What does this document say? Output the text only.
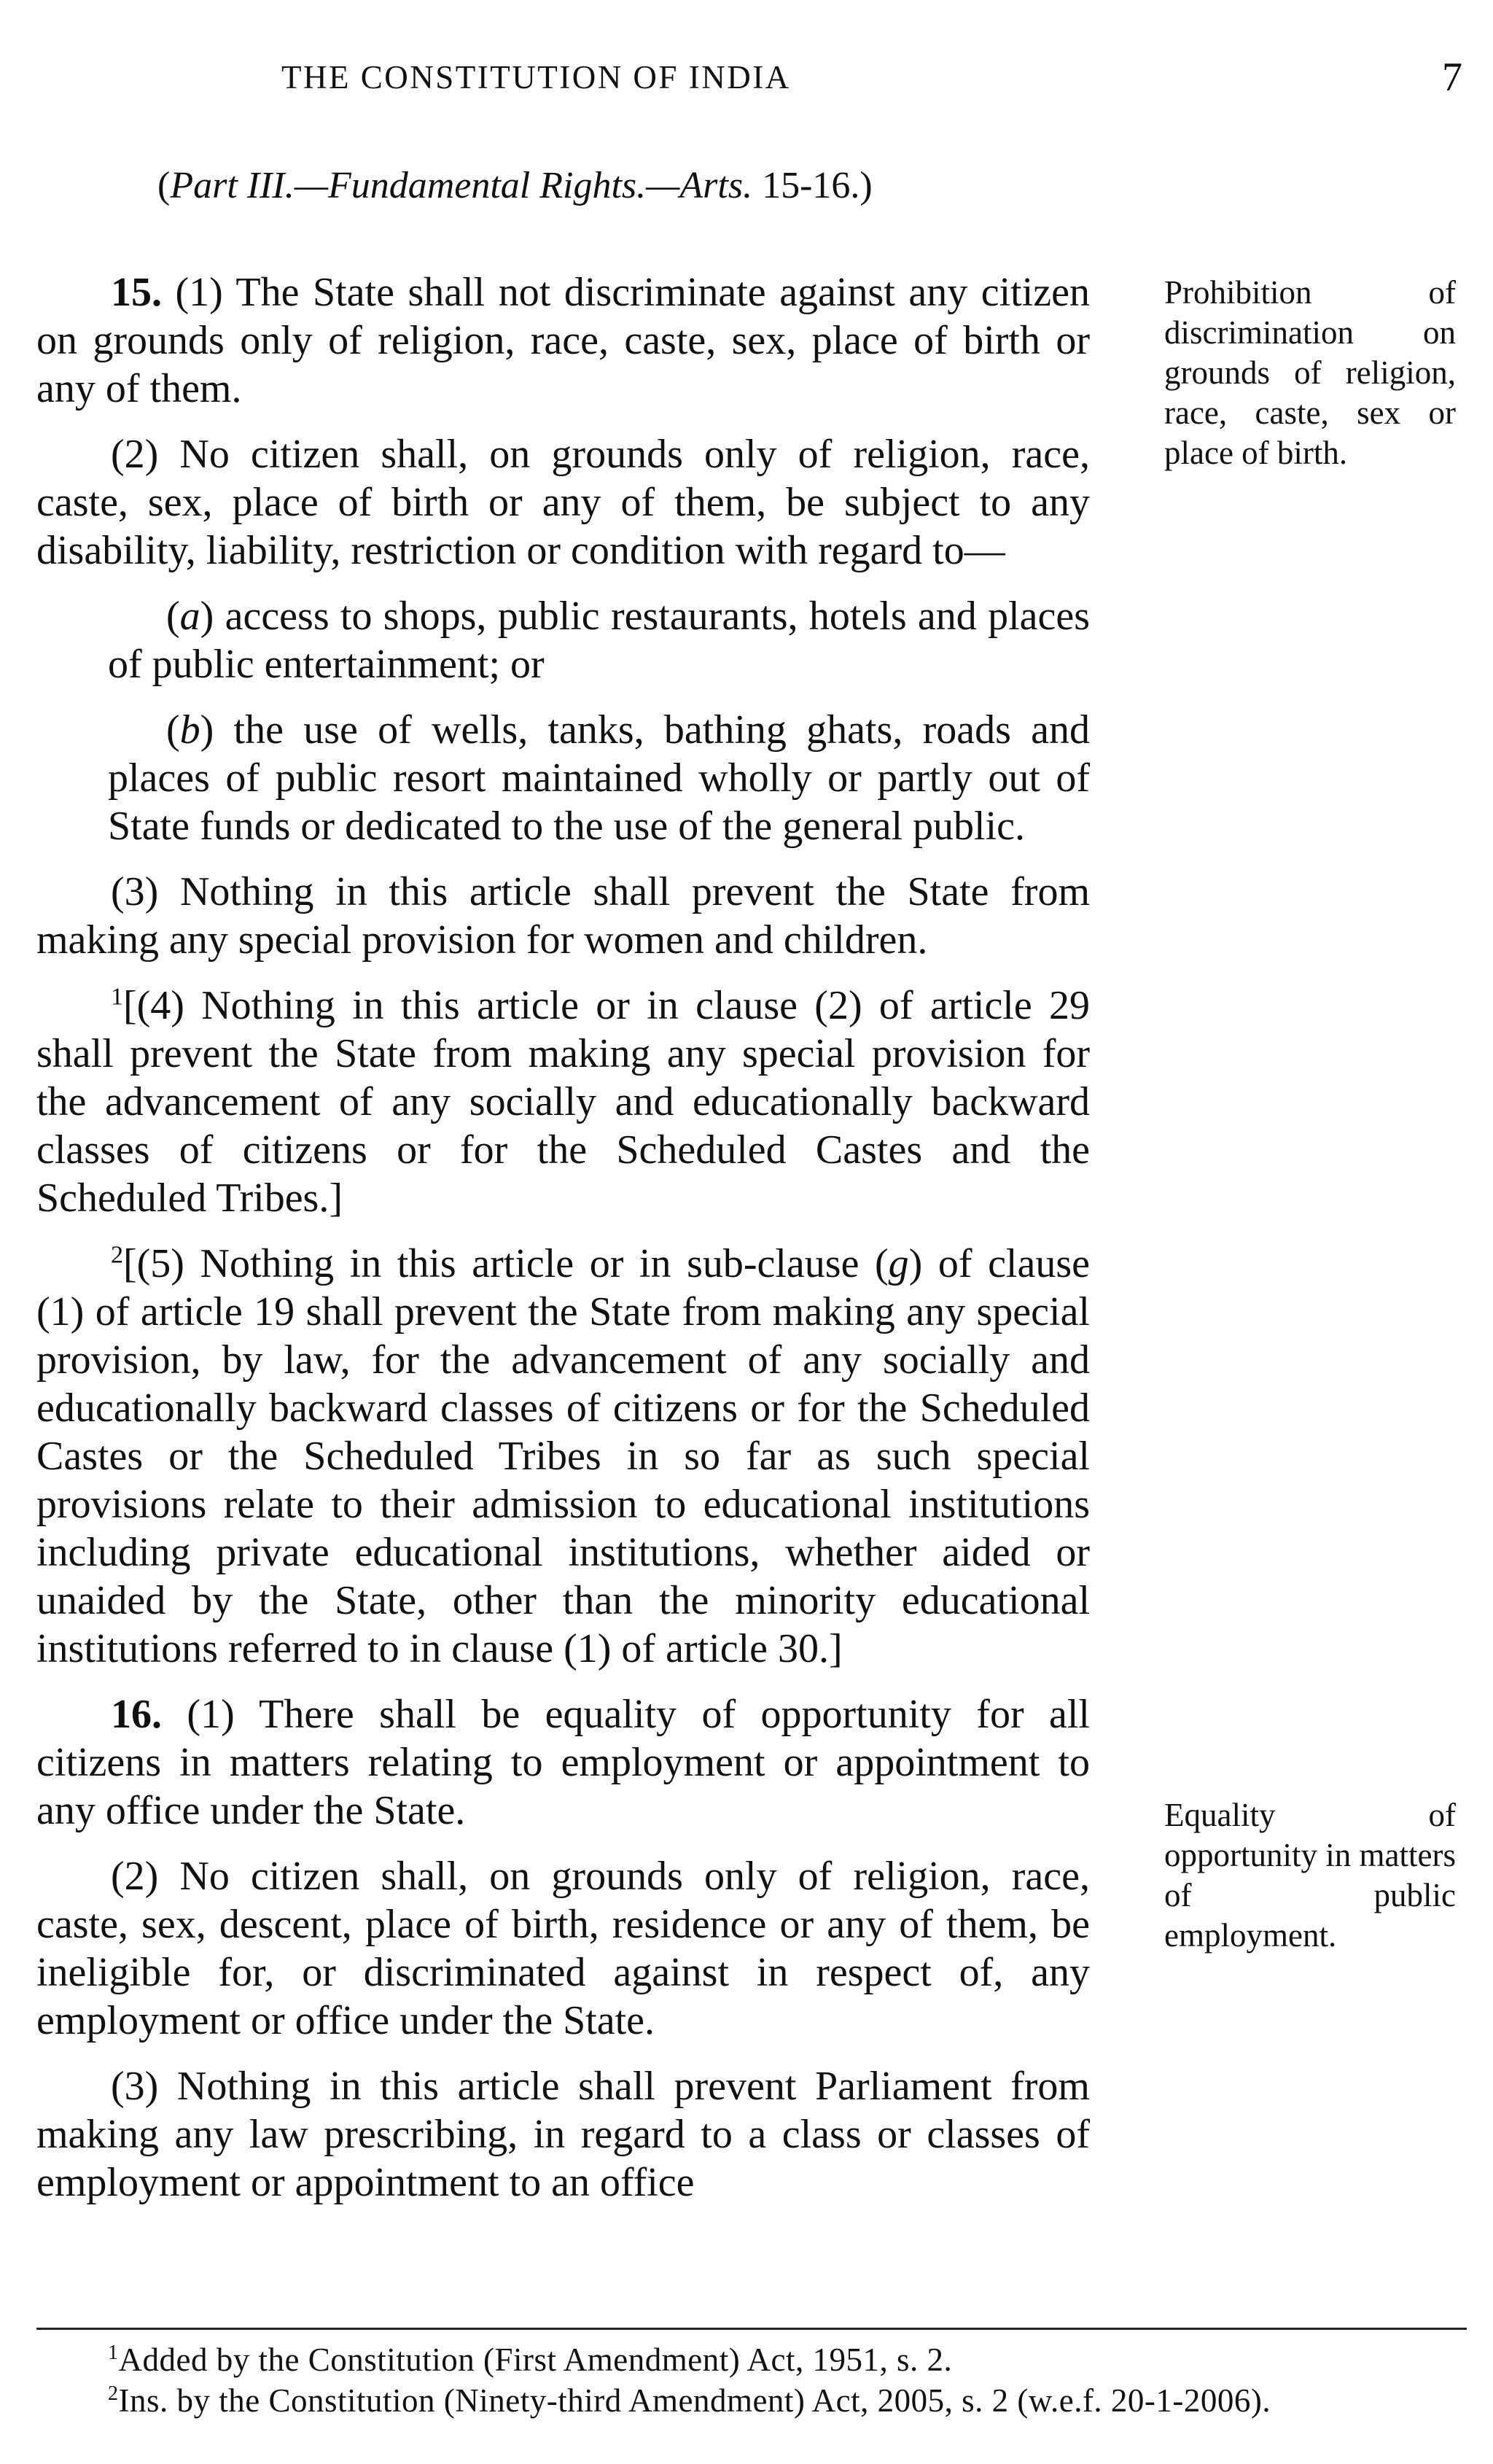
THE CONSTITUTION OF INDIA	7
(Part III.—Fundamental Rights.—Arts. 15-16.)

15. (1) The State shall not discriminate against any citizen on grounds only of religion, race, caste, sex, place of birth or any of them.

(2) No citizen shall, on grounds only of religion, race, caste, sex, place of birth or any of them, be subject to any disability, liability, restriction or condition with regard to—

(a) access to shops, public restaurants, hotels and places of public entertainment; or

(b) the use of wells, tanks, bathing ghats, roads and places of public resort maintained wholly or partly out of State funds or dedicated to the use of the general public.

(3) Nothing in this article shall prevent the State from making any special provision for women and children.

$^1$[(4) Nothing in this article or in clause (2) of article 29 shall prevent the State from making any special provision for the advancement of any socially and educationally backward classes of citizens or for the Scheduled Castes and the Scheduled Tribes.]

$^2$[(5) Nothing in this article or in sub-clause (g) of clause (1) of article 19 shall prevent the State from making any special provision, by law, for the advancement of any socially and educationally backward classes of citizens or for the Scheduled Castes or the Scheduled Tribes in so far as such special provisions relate to their admission to educational institutions including private educational institutions, whether aided or unaided by the State, other than the minority educational institutions referred to in clause (1) of article 30.]

16. (1) There shall be equality of opportunity for all citizens in matters relating to employment or appointment to any office under the State.

(2) No citizen shall, on grounds only of religion, race, caste, sex, descent, place of birth, residence or any of them, be ineligible for, or discriminated against in respect of, any employment or office under the State.

(3) Nothing in this article shall prevent Parliament from making any law prescribing, in regard to a class or classes of employment or appointment to an office

Prohibition of discrimination on grounds of religion, race, caste, sex or place of birth.
Equality of opportunity in matters of public employment.
$^1$Added by the Constitution (First Amendment) Act, 1951, s. 2.
$^2$Ins. by the Constitution (Ninety-third Amendment) Act, 2005, s. 2 (w.e.f. 20-1-2006).
